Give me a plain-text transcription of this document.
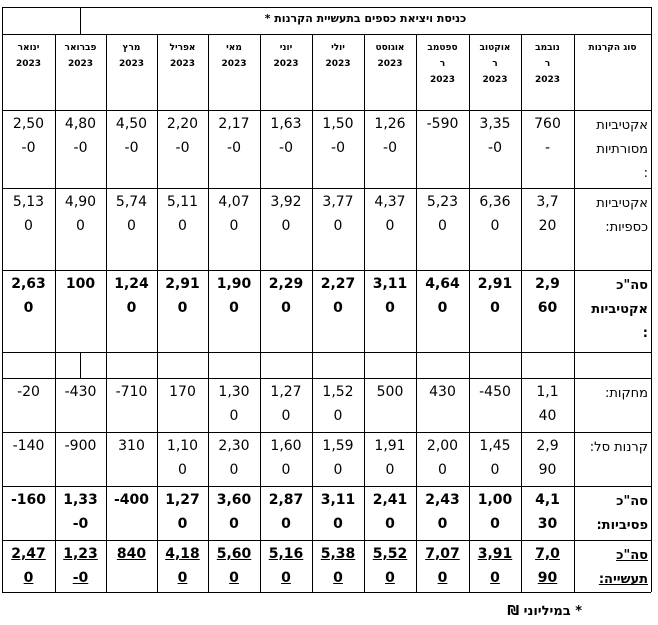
כניסת ויציאת כספים בתעשיית הקרנות *
סוג הקרנות
נובמב
ר
2023
אוקטוב
ר
2023
ספטמב
ר
2023
אוגוסט
2023
יולי
2023
יוני
2023
מאי
2023
אפריל
2023
מרץ
2023
פברואר
2023
ינואר
2023
אקטיביות מסורתיות :
760
-
3,35
-0
-590
1,26
-0
1,50
-0
1,63
-0
2,17
-0
2,20
-0
4,50
-0
4,80
-0
2,50
-0
אקטיביות כספיות:
3,7
20
6,36
0
5,23
0
4,37
0
3,77
0
3,92
0
4,07
0
5,11
0
5,74
0
4,90
0
5,13
0
סה"כ אקטיביות :
2,9
60
2,91
0
4,64
0
3,11
0
2,27
0
2,29
0
1,90
0
2,91
0
1,24
0
100
2,63
0
מחקות:
1,1
40
-450
430
500
1,52
0
1,27
0
1,30
0
170
-710
-430
-20
קרנות סל:
2,9
90
1,45
0
2,00
0
1,91
0
1,59
0
1,60
0
2,30
0
1,10
0
310
-900
-140
סה"כ פסיביות:
4,1
30
1,00
0
2,43
0
2,41
0
3,11
0
2,87
0
3,60
0
1,27
0
-400
1,33
-0
-160
סה"כ תעשייה:
7,0
90
3,91
0
7,07
0
5,52
0
5,38
0
5,16
0
5,60
0
4,18
0
840
1,23
-0
2,47
0
* במיליוני ₪
